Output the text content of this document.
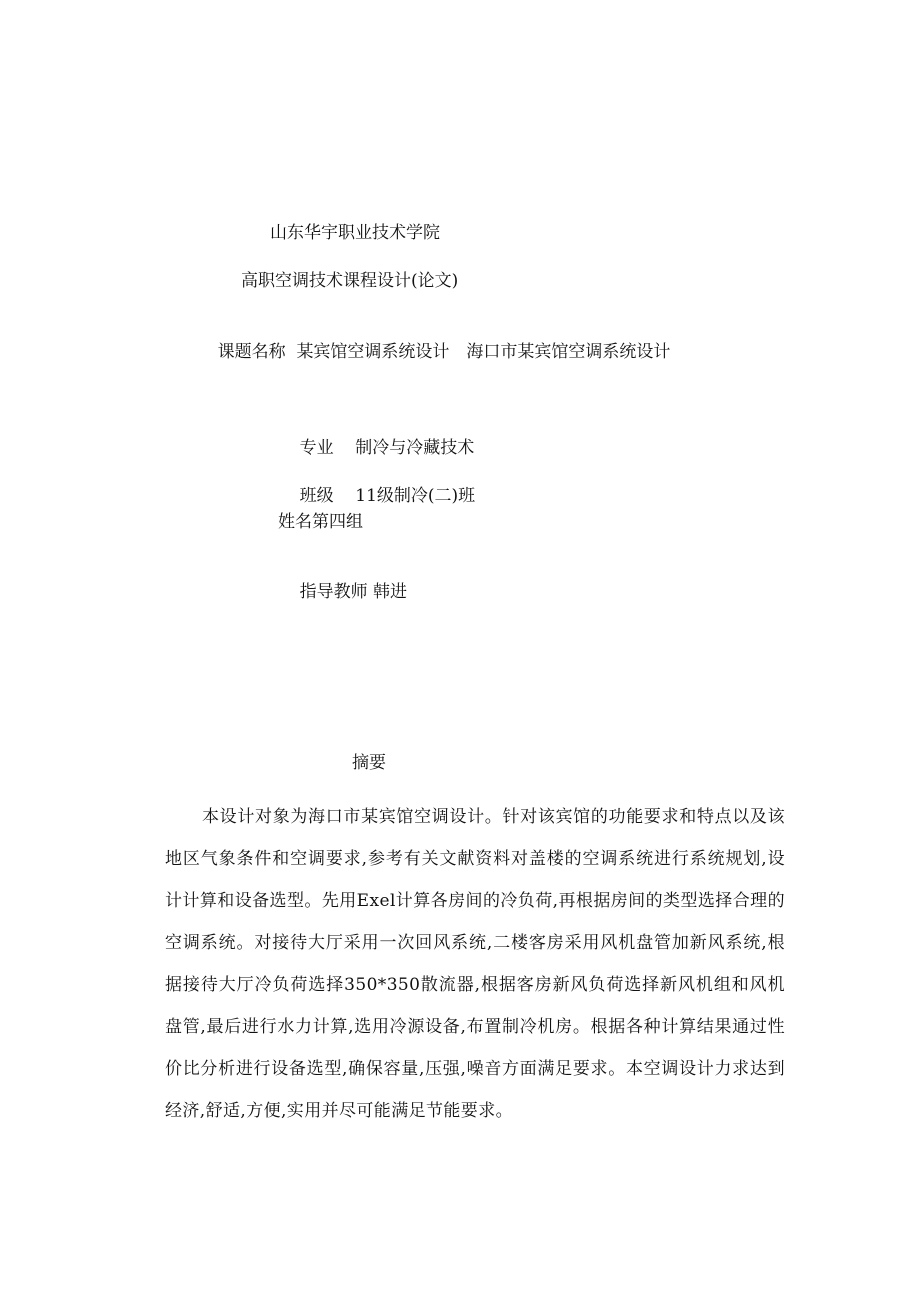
山东华宇职业技术学院
高职空调技术课程设计(论文)

课题名称 某宾馆空调系统设计　海口市某宾馆空调系统设计

专业 制冷与冷藏技术

班级 11级制冷(二)班

姓名第四组

指导教师 韩进

摘要
本设计对象为海口市某宾馆空调设计。针对该宾馆的功能要求和特点以及该地区气象条件和空调要求,参考有关文献资料对盖楼的空调系统进行系统规划,设计计算和设备选型。先用Exel计算各房间的冷负荷,再根据房间的类型选择合理的空调系统。对接待大厅采用一次回风系统,二楼客房采用风机盘管加新风系统,根据接待大厅冷负荷选择350*350散流器,根据客房新风负荷选择新风机组和风机盘管,最后进行水力计算,选用冷源设备,布置制冷机房。根据各种计算结果通过性价比分析进行设备选型,确保容量,压强,噪音方面满足要求。本空调设计力求达到经济,舒适,方便,实用并尽可能满足节能要求。
